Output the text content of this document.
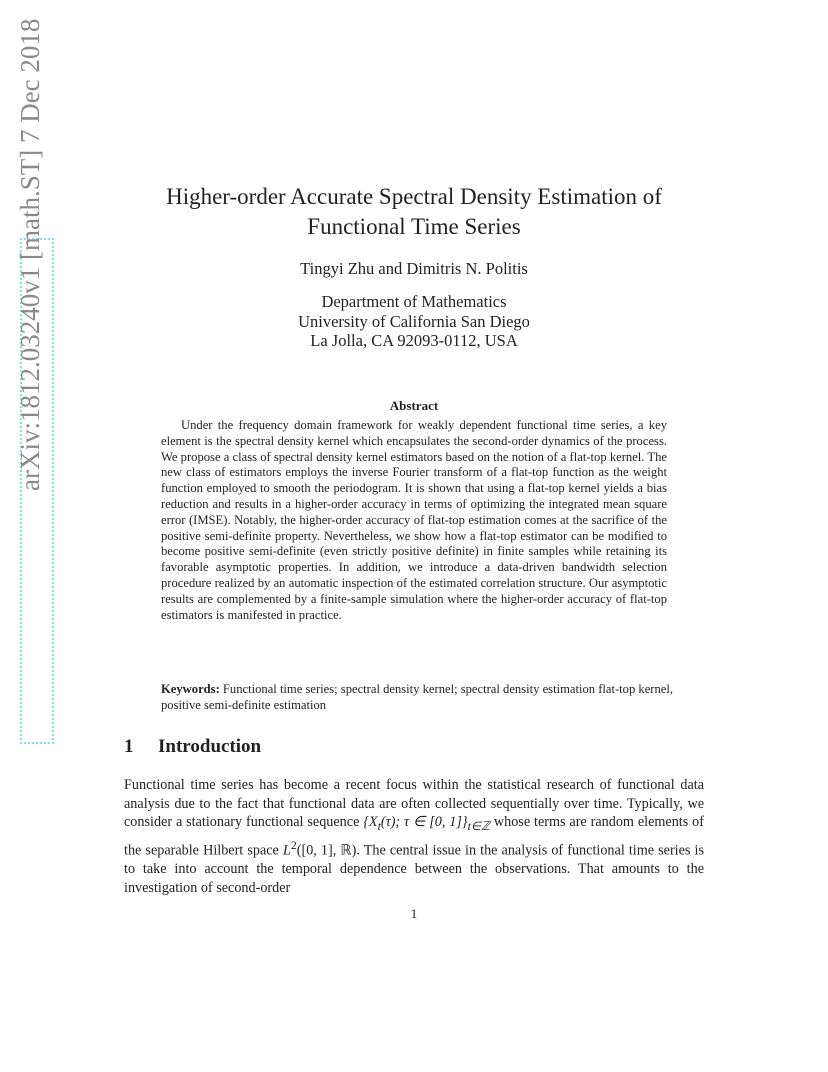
arXiv:1812.03240v1 [math.ST] 7 Dec 2018	Higher-order Accurate Spectral Density Estimation of
Functional Time Series
Tingyi Zhu and Dimitris N. Politis
Department of Mathematics
University of California San Diego
La Jolla, CA 92093-0112, USA
Abstract

Under the frequency domain framework for weakly dependent functional time series, a key element is the spectral density kernel which encapsulates the second-order dynamics of the process. We propose a class of spectral density kernel estimators based on the notion of a flat-top kernel. The new class of estimators employs the inverse Fourier transform of a flat-top function as the weight function employed to smooth the periodogram. It is shown that using a flat-top kernel yields a bias reduction and results in a higher-order accuracy in terms of optimizing the integrated mean square error (IMSE). Notably, the higher-order accuracy of flat-top estimation comes at the sacrifice of the positive semi-definite property. Nevertheless, we show how a flat-top estimator can be modified to become positive semi-definite (even strictly positive definite) in finite samples while retaining its favorable asymptotic properties. In addition, we introduce a data-driven bandwidth selection procedure realized by an automatic inspection of the estimated correlation structure. Our asymptotic results are complemented by a finite-sample simulation where the higher-order accuracy of flat-top estimators is manifested in practice.

Keywords: Functional time series; spectral density kernel; spectral density estimation flat-top kernel, positive semi-definite estimation

1 Introduction

Functional time series has become a recent focus within the statistical research of functional data analysis due to the fact that functional data are often collected sequentially over time. Typically, we consider a stationary functional sequence {$X_t(\tau)$; τ ∈ [0, $1]\}_{t\in ℤ}$ whose terms are random elements of the separable Hilbert space $L^2([0$, 1], ℝ). The central issue in the analysis of functional time series is to take into account the temporal dependence between the observations. That amounts to the investigation of second-order

1
